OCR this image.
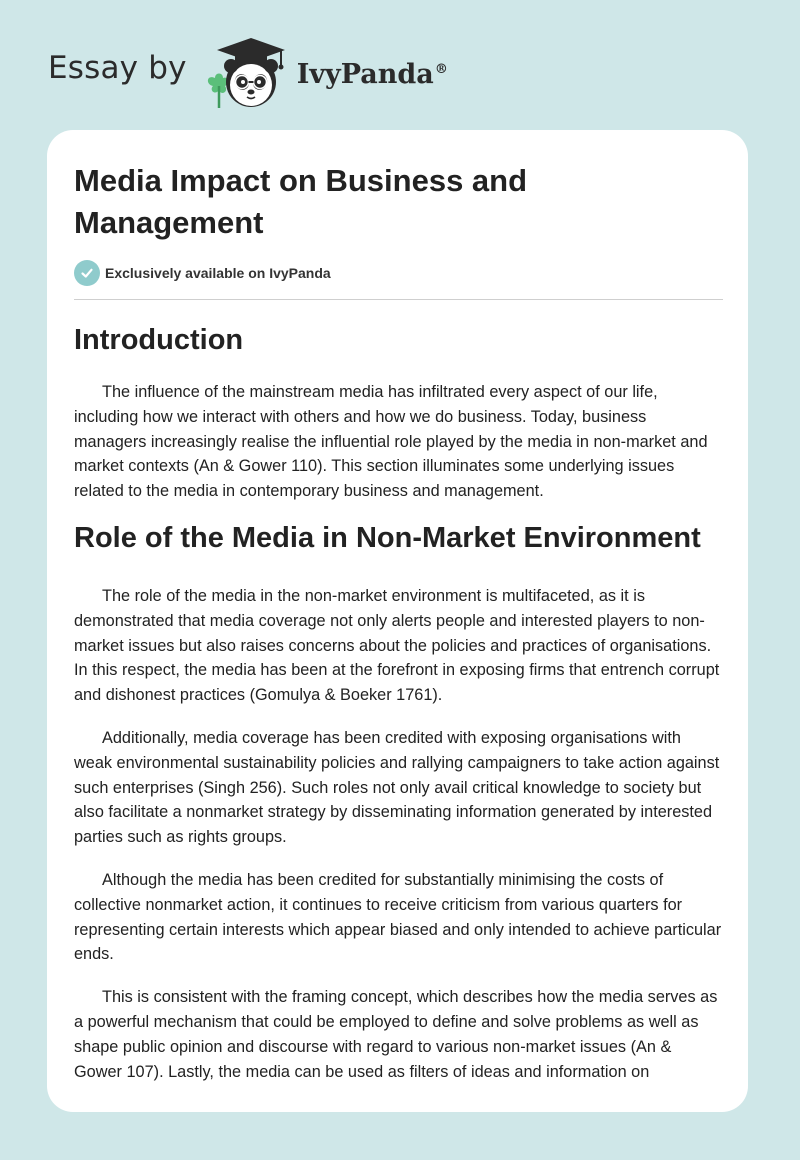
Essay by	IvyPanda®
Media Impact on Business and Management
Exclusively available on IvyPanda
Introduction

The influence of the mainstream media has infiltrated every aspect of our life, including how we interact with others and how we do business. Today, business managers increasingly realise the influential role played by the media in non-market and market contexts (An & Gower 110). This section illuminates some underlying issues related to the media in contemporary business and management.

Role of the Media in Non-Market Environment

The role of the media in the non-market environment is multifaceted, as it is demonstrated that media coverage not only alerts people and interested players to non-market issues but also raises concerns about the policies and practices of organisations. In this respect, the media has been at the forefront in exposing firms that entrench corrupt and dishonest practices (Gomulya & Boeker 1761).

Additionally, media coverage has been credited with exposing organisations with weak environmental sustainability policies and rallying campaigners to take action against such enterprises (Singh 256). Such roles not only avail critical knowledge to society but also facilitate a nonmarket strategy by disseminating information generated by interested parties such as rights groups.

Although the media has been credited for substantially minimising the costs of collective nonmarket action, it continues to receive criticism from various quarters for representing certain interests which appear biased and only intended to achieve particular ends.

This is consistent with the framing concept, which describes how the media serves as a powerful mechanism that could be employed to define and solve problems as well as shape public opinion and discourse with regard to various non-market issues (An & Gower 107). Lastly, the media can be used as filters of ideas and information on
